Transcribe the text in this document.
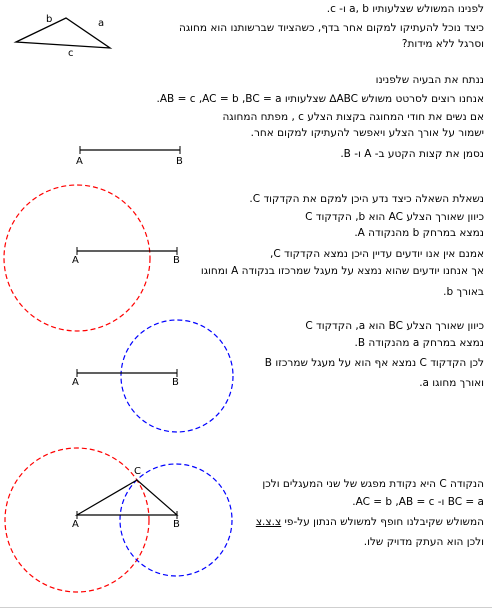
לפנינו המשולש שצלעותיו a, b ו- c.
כיצד נוכל להעתיקו למקום אחר בדף, כשהציוד שברשותנו הוא מחוגה
וסרגל ללא מידות?
b	a
c
ננתח את הבעיה שלפנינו
אנחנו רוצים לסרטט משולש ABC∆ שצלעותיו AB = c ,AC = b ,BC = a.
אם נשים את חודי המחוגה בקצות הצלע c , מפתח המחוגה
ישמור על אורך הצלע ויאפשר להעתיקו למקום אחר.
נסמן את קצות הקטע ב- A ו- B.
A	B
נשאלת השאלה כיצד נדע היכן למקם את הקדקוד C.
כיוון שאורך הצלע AC הוא b, הקדקוד C
נמצא במרחק b מהנקודה A.
אמנם אין אנו יודעים עדיין היכן נמצא הקדקוד C,
אך אנחנו יודעים שהוא נמצא על מעגל שמרכזו בנקודה A ומחוגו
באורך b.
A	B
כיוון שאורך הצלע BC הוא a, הקדקוד C
נמצא במרחק a מהנקודה B.
לכן הקדקוד C נמצא אף הוא על מעגל שמרכזו B
ואורך מחוגו a.
A	B
הנקודה C היא נקודת מפגש של שני המעגלים ולכן
BC = a ו- AC = b ,AB = c.
המשולש שקיבלנו חופף למשולש הנתון על-פי צ.צ.צ
ולכן הוא העתק מדויק שלו.
A	B
C
